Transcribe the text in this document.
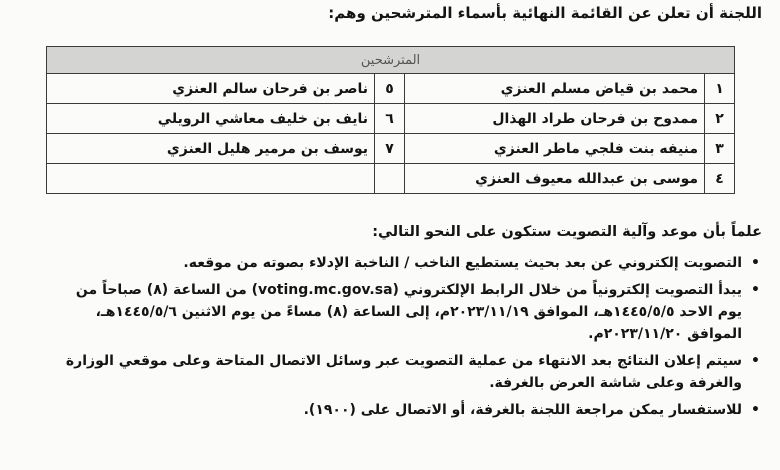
اللجنة أن تعلن عن القائمة النهائية بأسماء المترشحين وهم:
المترشحين			
١	محمد بن قياض مسلم العنزي	٥	ناصر بن فرحان سالم العنزي
٢	ممدوح بن فرحان طراد الهذال	٦	نايف بن خليف معاشي الرويلي
٣	منيفه بنت فلجي ماطر العنزي	٧	يوسف بن مرمير هليل العنزي
٤	موسى بن عبدالله معيوف العنزي		
علماً بأن موعد وآلية التصويت ستكون على النحو التالي:
•
التصويت إلكتروني عن بعد بحيث يستطيع الناخب / الناخبة الإدلاء بصوته من موقعه.
•
يبدأ التصويت إلكترونياً من خلال الرابط الإلكتروني (voting.mc.gov.sa) من الساعة (٨) صباحاً من يوم الاحد ١٤٤٥/٥/٥هـ، الموافق ٢٠٢٣/١١/١٩م، إلى الساعة (٨) مساءً من يوم الاثنين ١٤٤٥/٥/٦هـ، الموافق ٢٠٢٣/١١/٢٠م.
•
سيتم إعلان النتائج بعد الانتهاء من عملية التصويت عبر وسائل الاتصال المتاحة وعلى موقعي الوزارة والغرفة وعلى شاشة العرض بالغرفة.
•
للاستفسار يمكن مراجعة اللجنة بالغرفة، أو الاتصال على (١٩٠٠).
